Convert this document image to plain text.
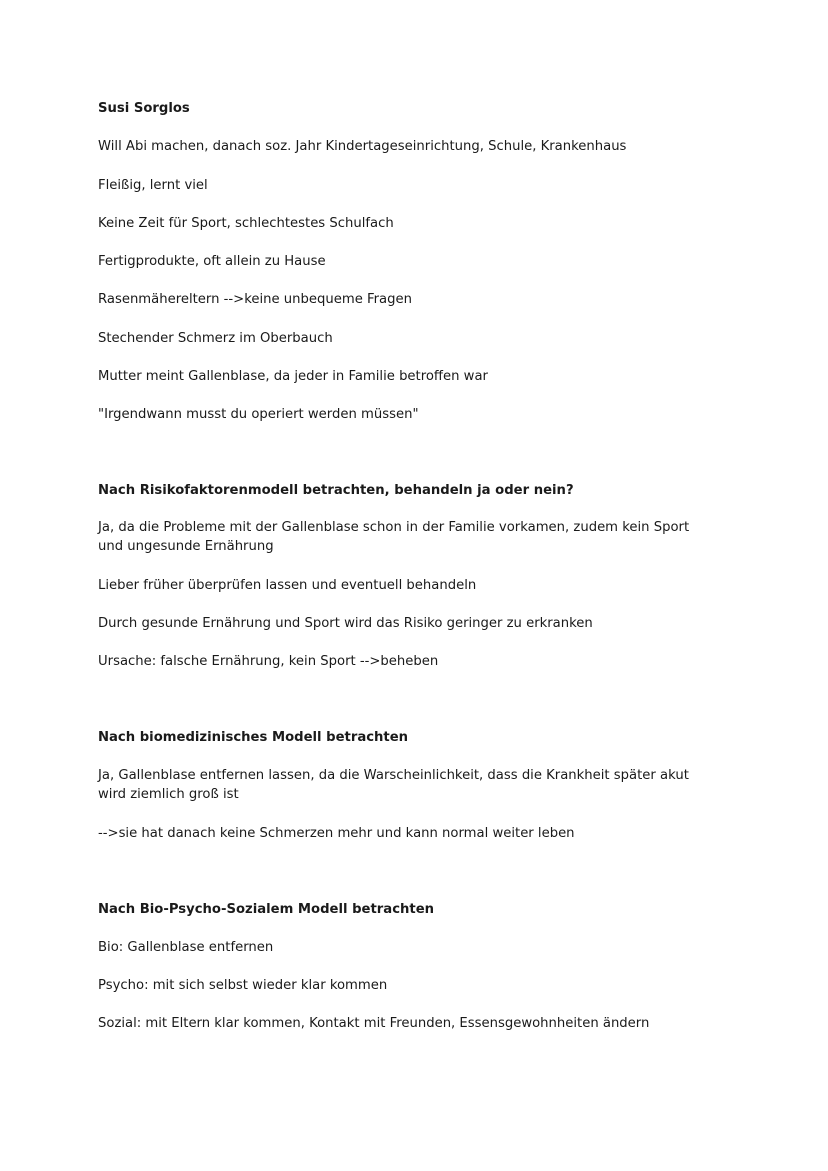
Susi Sorglos
Will Abi machen, danach soz. Jahr Kindertageseinrichtung, Schule, Krankenhaus
Fleißig, lernt viel
Keine Zeit für Sport, schlechtestes Schulfach
Fertigprodukte, oft allein zu Hause
Rasenmähereltern -->keine unbequeme Fragen
Stechender Schmerz im Oberbauch
Mutter meint Gallenblase, da jeder in Familie betroffen war
"Irgendwann musst du operiert werden müssen"
Nach Risikofaktorenmodell betrachten, behandeln ja oder nein?
Ja, da die Probleme mit der Gallenblase schon in der Familie vorkamen, zudem kein Sport und ungesunde Ernährung
Lieber früher überprüfen lassen und eventuell behandeln
Durch gesunde Ernährung und Sport wird das Risiko geringer zu erkranken
Ursache: falsche Ernährung, kein Sport -->beheben
Nach biomedizinisches Modell betrachten
Ja, Gallenblase entfernen lassen, da die Warscheinlichkeit, dass die Krankheit später akut wird ziemlich groß ist
-->sie hat danach keine Schmerzen mehr und kann normal weiter leben
Nach Bio-Psycho-Sozialem Modell betrachten
Bio: Gallenblase entfernen
Psycho: mit sich selbst wieder klar kommen
Sozial: mit Eltern klar kommen, Kontakt mit Freunden, Essensgewohnheiten ändern
